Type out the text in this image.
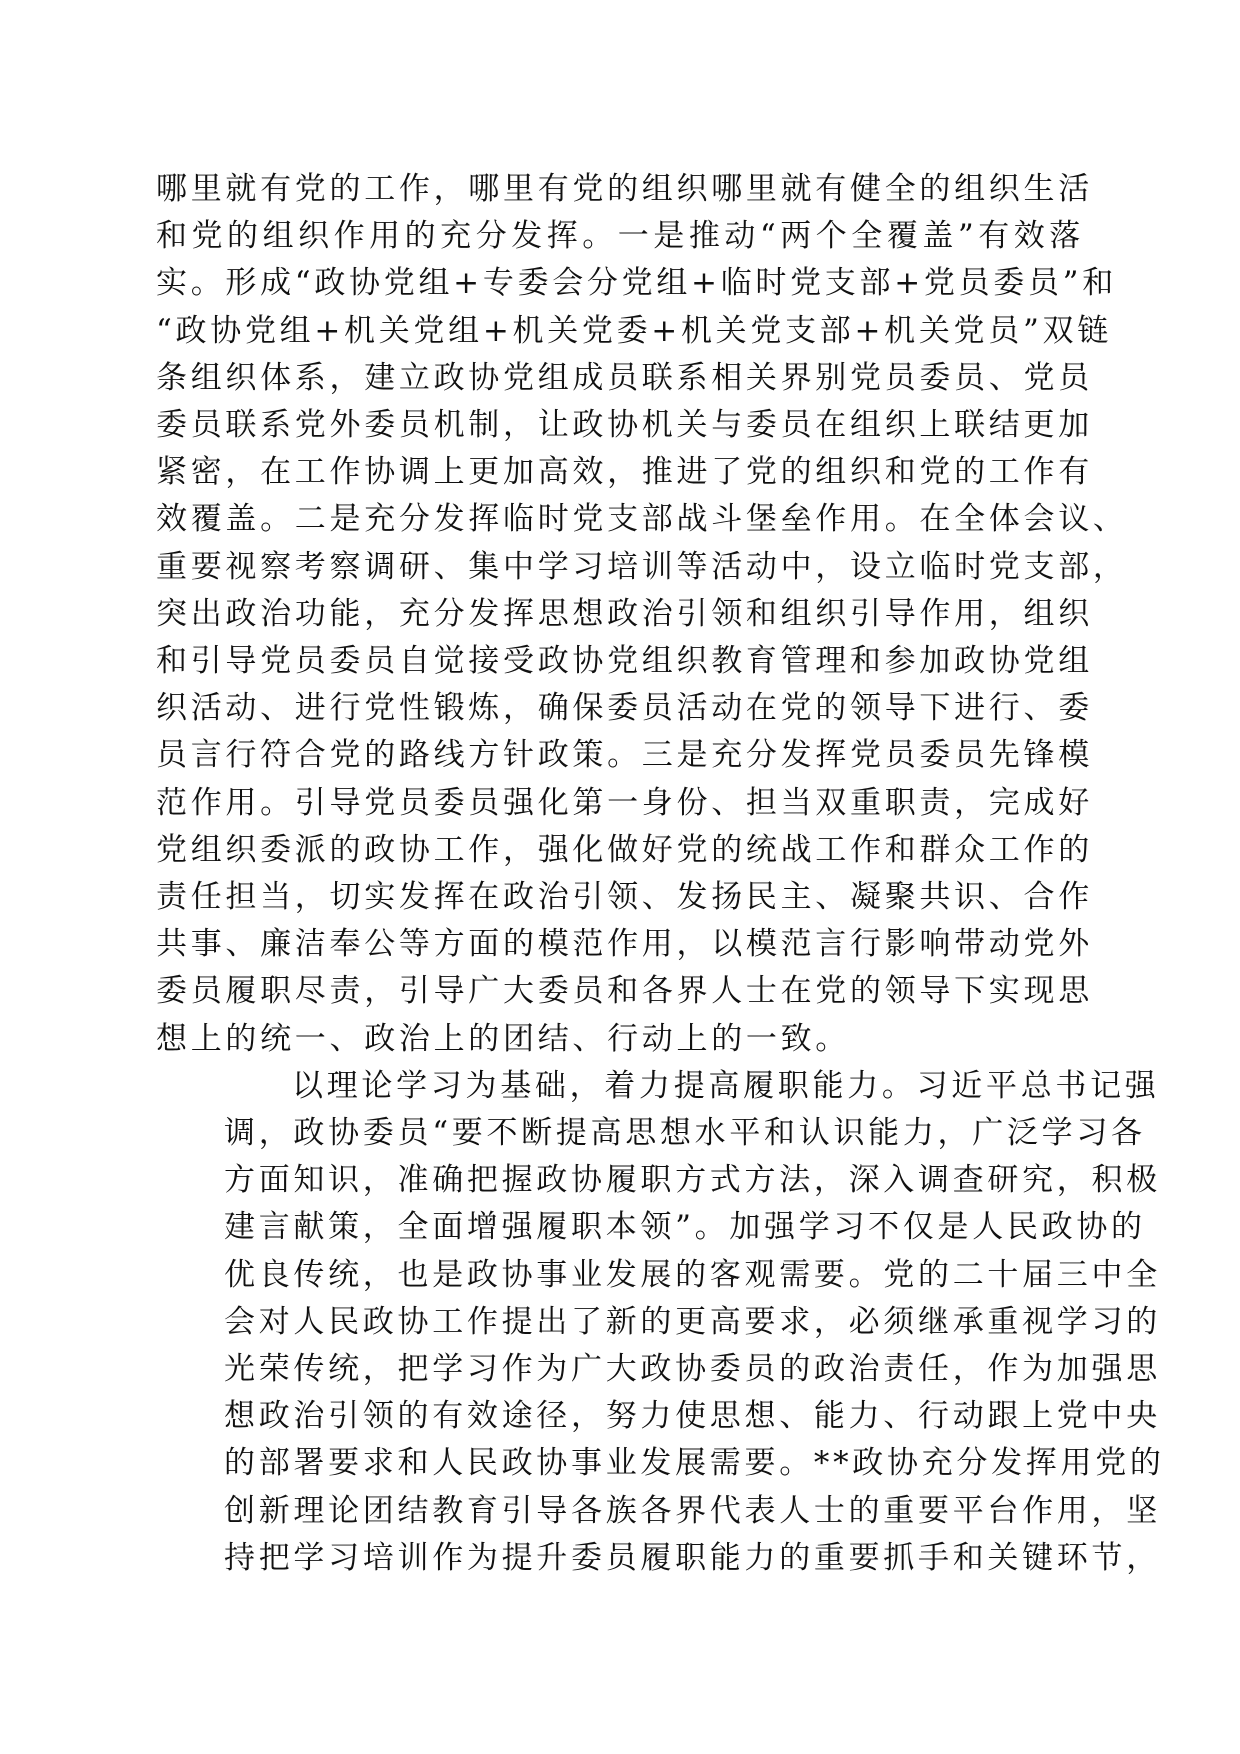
哪里就有党的工作，哪里有党的组织哪里就有健全的组织生活
和党的组织作用的充分发挥。一是推动“两个全覆盖”有效落
实。形成“政协党组+专委会分党组+临时党支部+党员委员”和
“政协党组+机关党组+机关党委+机关党支部+机关党员”双链
条组织体系，建立政协党组成员联系相关界别党员委员、党员
委员联系党外委员机制，让政协机关与委员在组织上联结更加
紧密，在工作协调上更加高效，推进了党的组织和党的工作有
效覆盖。二是充分发挥临时党支部战斗堡垒作用。在全体会议、
重要视察考察调研、集中学习培训等活动中，设立临时党支部，
突出政治功能，充分发挥思想政治引领和组织引导作用，组织
和引导党员委员自觉接受政协党组织教育管理和参加政协党组
织活动、进行党性锻炼，确保委员活动在党的领导下进行、委
员言行符合党的路线方针政策。三是充分发挥党员委员先锋模
范作用。引导党员委员强化第一身份、担当双重职责，完成好
党组织委派的政协工作，强化做好党的统战工作和群众工作的
责任担当，切实发挥在政治引领、发扬民主、凝聚共识、合作
共事、廉洁奉公等方面的模范作用，以模范言行影响带动党外
委员履职尽责，引导广大委员和各界人士在党的领导下实现思
想上的统一、政治上的团结、行动上的一致。

以理论学习为基础，着力提高履职能力。习近平总书记强
调，政协委员“要不断提高思想水平和认识能力，广泛学习各
方面知识，准确把握政协履职方式方法，深入调查研究，积极
建言献策，全面增强履职本领”。加强学习不仅是人民政协的
优良传统，也是政协事业发展的客观需要。党的二十届三中全
会对人民政协工作提出了新的更高要求，必须继承重视学习的
光荣传统，把学习作为广大政协委员的政治责任，作为加强思
想政治引领的有效途径，努力使思想、能力、行动跟上党中央
的部署要求和人民政协事业发展需要。**政协充分发挥用党的
创新理论团结教育引导各族各界代表人士的重要平台作用，坚
持把学习培训作为提升委员履职能力的重要抓手和关键环节，
